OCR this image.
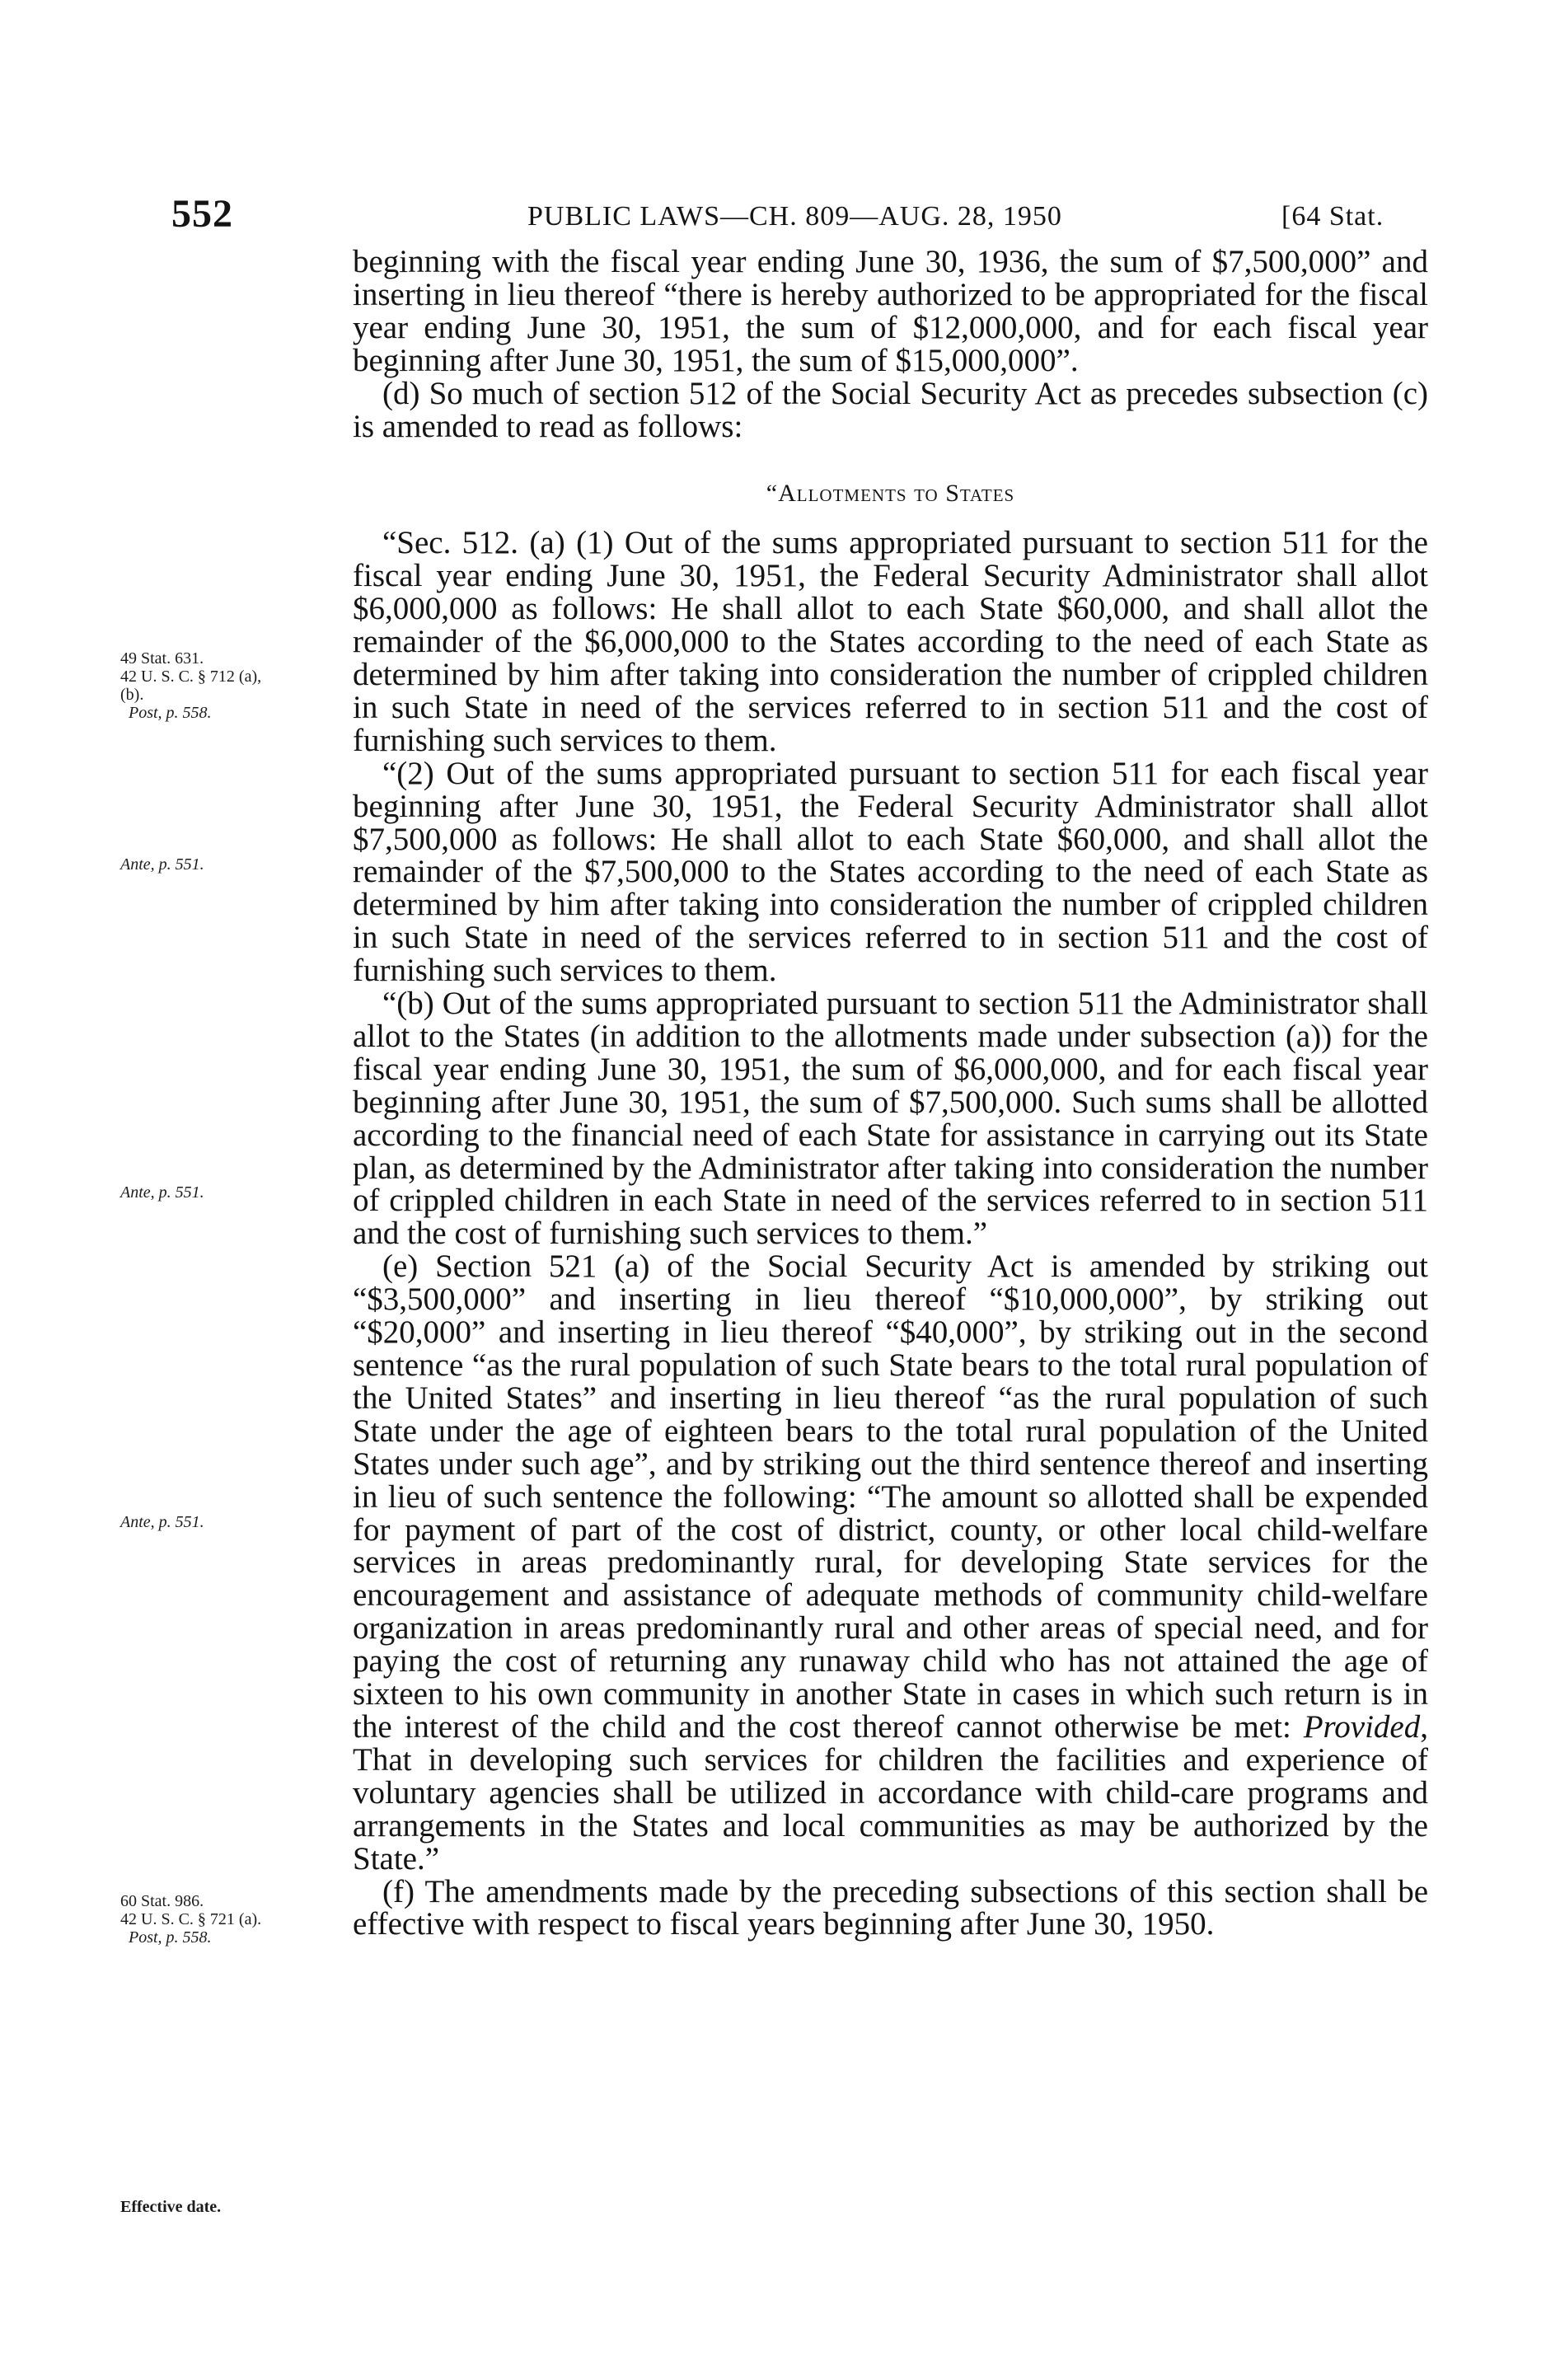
552	PUBLIC LAWS—CH. 809—AUG. 28, 1950	[64 Stat.
49 Stat. 631.
42 U. S. C. § 712 (a),
(b).
Post, p. 558.
Ante, p. 551.
Ante, p. 551.
Ante, p. 551.
60 Stat. 986.
42 U. S. C. § 721 (a).
Post, p. 558.
Effective date.

beginning with the fiscal year ending June 30, 1936, the sum of $7,500,000” and inserting in lieu thereof “there is hereby authorized to be appropriated for the fiscal year ending June 30, 1951, the sum of $12,000,000, and for each fiscal year beginning after June 30, 1951, the sum of $15,000,000”.

(d) So much of section 512 of the Social Security Act as precedes subsection (c) is amended to read as follows:

“Allotments to States

“Sec. 512. (a) (1) Out of the sums appropriated pursuant to section 511 for the fiscal year ending June 30, 1951, the Federal Security Administrator shall allot $6,000,000 as follows: He shall allot to each State $60,000, and shall allot the remainder of the $6,000,000 to the States according to the need of each State as determined by him after taking into consideration the number of crippled children in such State in need of the services referred to in section 511 and the cost of furnishing such services to them.

“(2) Out of the sums appropriated pursuant to section 511 for each fiscal year beginning after June 30, 1951, the Federal Security Administrator shall allot $7,500,000 as follows: He shall allot to each State $60,000, and shall allot the remainder of the $7,500,000 to the States according to the need of each State as determined by him after taking into consideration the number of crippled children in such State in need of the services referred to in section 511 and the cost of furnishing such services to them.

“(b) Out of the sums appropriated pursuant to section 511 the Administrator shall allot to the States (in addition to the allotments made under subsection (a)) for the fiscal year ending June 30, 1951, the sum of $6,000,000, and for each fiscal year beginning after June 30, 1951, the sum of $7,500,000. Such sums shall be allotted according to the financial need of each State for assistance in carrying out its State plan, as determined by the Administrator after taking into consideration the number of crippled children in each State in need of the services referred to in section 511 and the cost of furnishing such services to them.”

(e) Section 521 (a) of the Social Security Act is amended by striking out “$3,500,000” and inserting in lieu thereof “$10,000,000”, by striking out “$20,000” and inserting in lieu thereof “$40,000”, by striking out in the second sentence “as the rural population of such State bears to the total rural population of the United States” and inserting in lieu thereof “as the rural population of such State under the age of eighteen bears to the total rural population of the United States under such age”, and by striking out the third sentence thereof and inserting in lieu of such sentence the following: “The amount so allotted shall be expended for payment of part of the cost of district, county, or other local child-welfare services in areas predominantly rural, for developing State services for the encouragement and assistance of adequate methods of community child-welfare organization in areas predominantly rural and other areas of special need, and for paying the cost of returning any runaway child who has not attained the age of sixteen to his own community in another State in cases in which such return is in the interest of the child and the cost thereof cannot otherwise be met: Provided, That in developing such services for children the facilities and experience of voluntary agencies shall be utilized in accordance with child-care programs and arrangements in the States and local communities as may be authorized by the State.”

(f) The amendments made by the preceding subsections of this section shall be effective with respect to fiscal years beginning after June 30, 1950.
